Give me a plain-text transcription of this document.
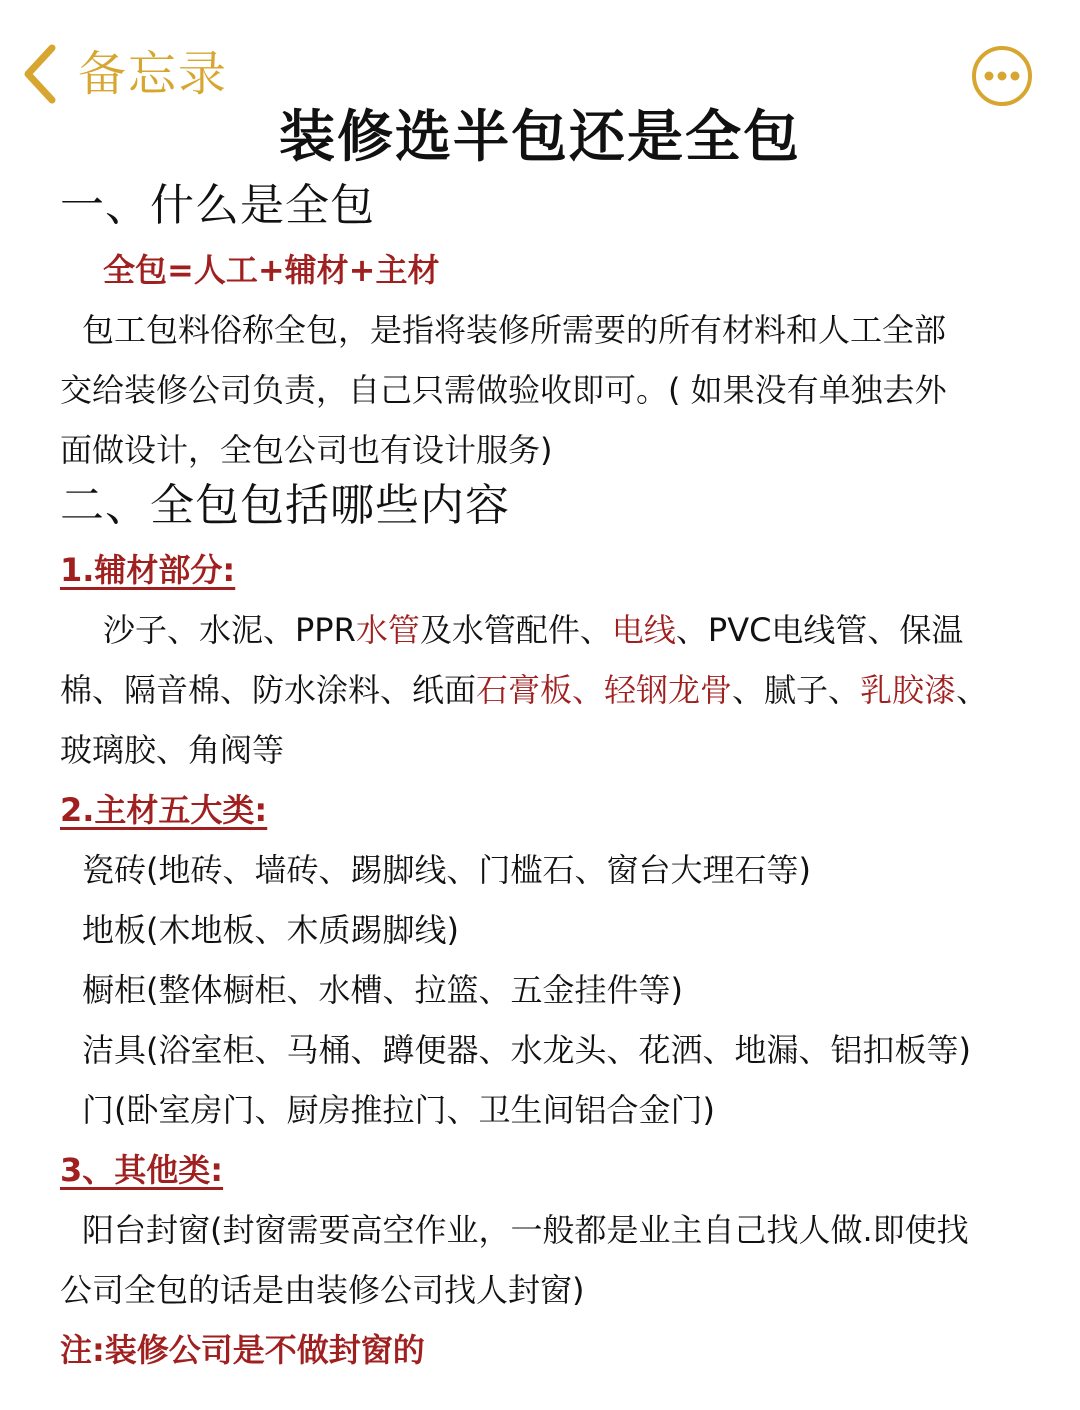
备忘录
装修选半包还是全包
一、什么是全包
全包=人工+辅材+主材
包工包料俗称全包，是指将装修所需要的所有材料和人工全部
交给装修公司负责，自己只需做验收即可。( 如果没有单独去外
面做设计，全包公司也有设计服务)
二、全包包括哪些内容
1.辅材部分:
沙子、水泥、PPR水管及水管配件、电线、PVC电线管、保温
棉、隔音棉、防水涂料、纸面石膏板、轻钢龙骨、腻子、乳胶漆、
玻璃胶、角阀等
2.主材五大类:
瓷砖(地砖、墙砖、踢脚线、门槛石、窗台大理石等)
地板(木地板、木质踢脚线)
橱柜(整体橱柜、水槽、拉篮、五金挂件等)
洁具(浴室柜、马桶、蹲便器、水龙头、花洒、地漏、铝扣板等)
门(卧室房门、厨房推拉门、卫生间铝合金门)
3、其他类:
阳台封窗(封窗需要高空作业，一般都是业主自己找人做.即使找
公司全包的话是由装修公司找人封窗)
注:装修公司是不做封窗的
